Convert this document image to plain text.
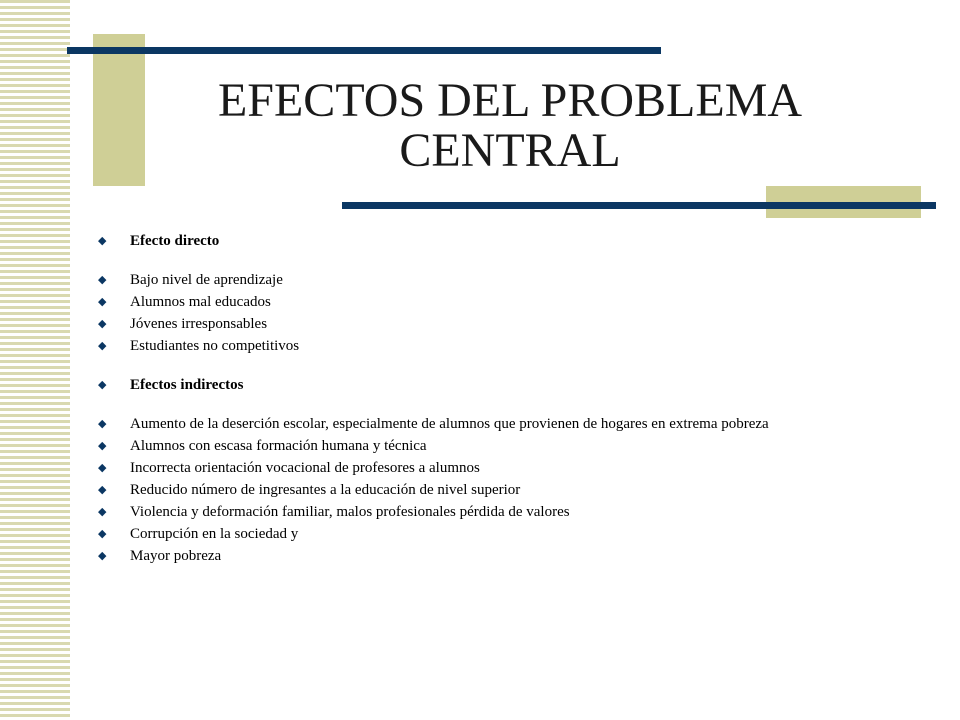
EFECTOS DEL PROBLEMA CENTRAL
◆ Efecto directo
◆ Bajo nivel de aprendizaje
◆ Alumnos mal educados
◆ Jóvenes irresponsables
◆ Estudiantes no competitivos
◆ Efectos indirectos
◆ Aumento de la deserción escolar, especialmente de alumnos que provienen de hogares en extrema pobreza
◆ Alumnos con escasa formación humana y técnica
◆ Incorrecta orientación vocacional de profesores a alumnos
◆ Reducido número de ingresantes a la educación de nivel superior
◆ Violencia y deformación familiar, malos profesionales pérdida de valores
◆ Corrupción en la sociedad y
◆ Mayor pobreza
